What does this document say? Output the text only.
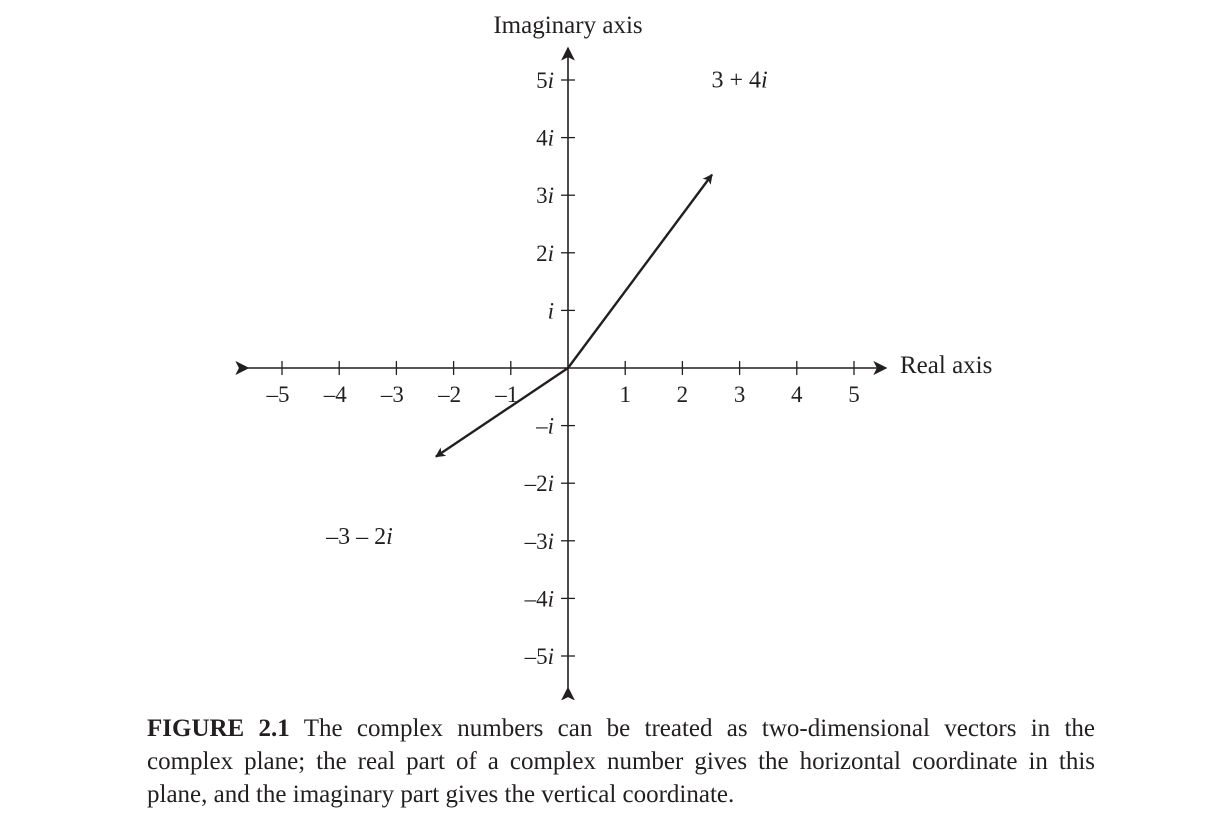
–5 –4 –3 –2 –1	1 2 3 4 5
5i
4i
3i
2i
i
–i
–2i
–3i
–4i
–5i
3 + 4i
–3 – 2i
Imaginary axis
Real axis
FIGURE 2.1 The complex numbers can be treated as two-dimensional vectors in the complex plane; the real part of a complex number gives the horizontal coordinate in this plane, and the imaginary part gives the vertical coordinate.
